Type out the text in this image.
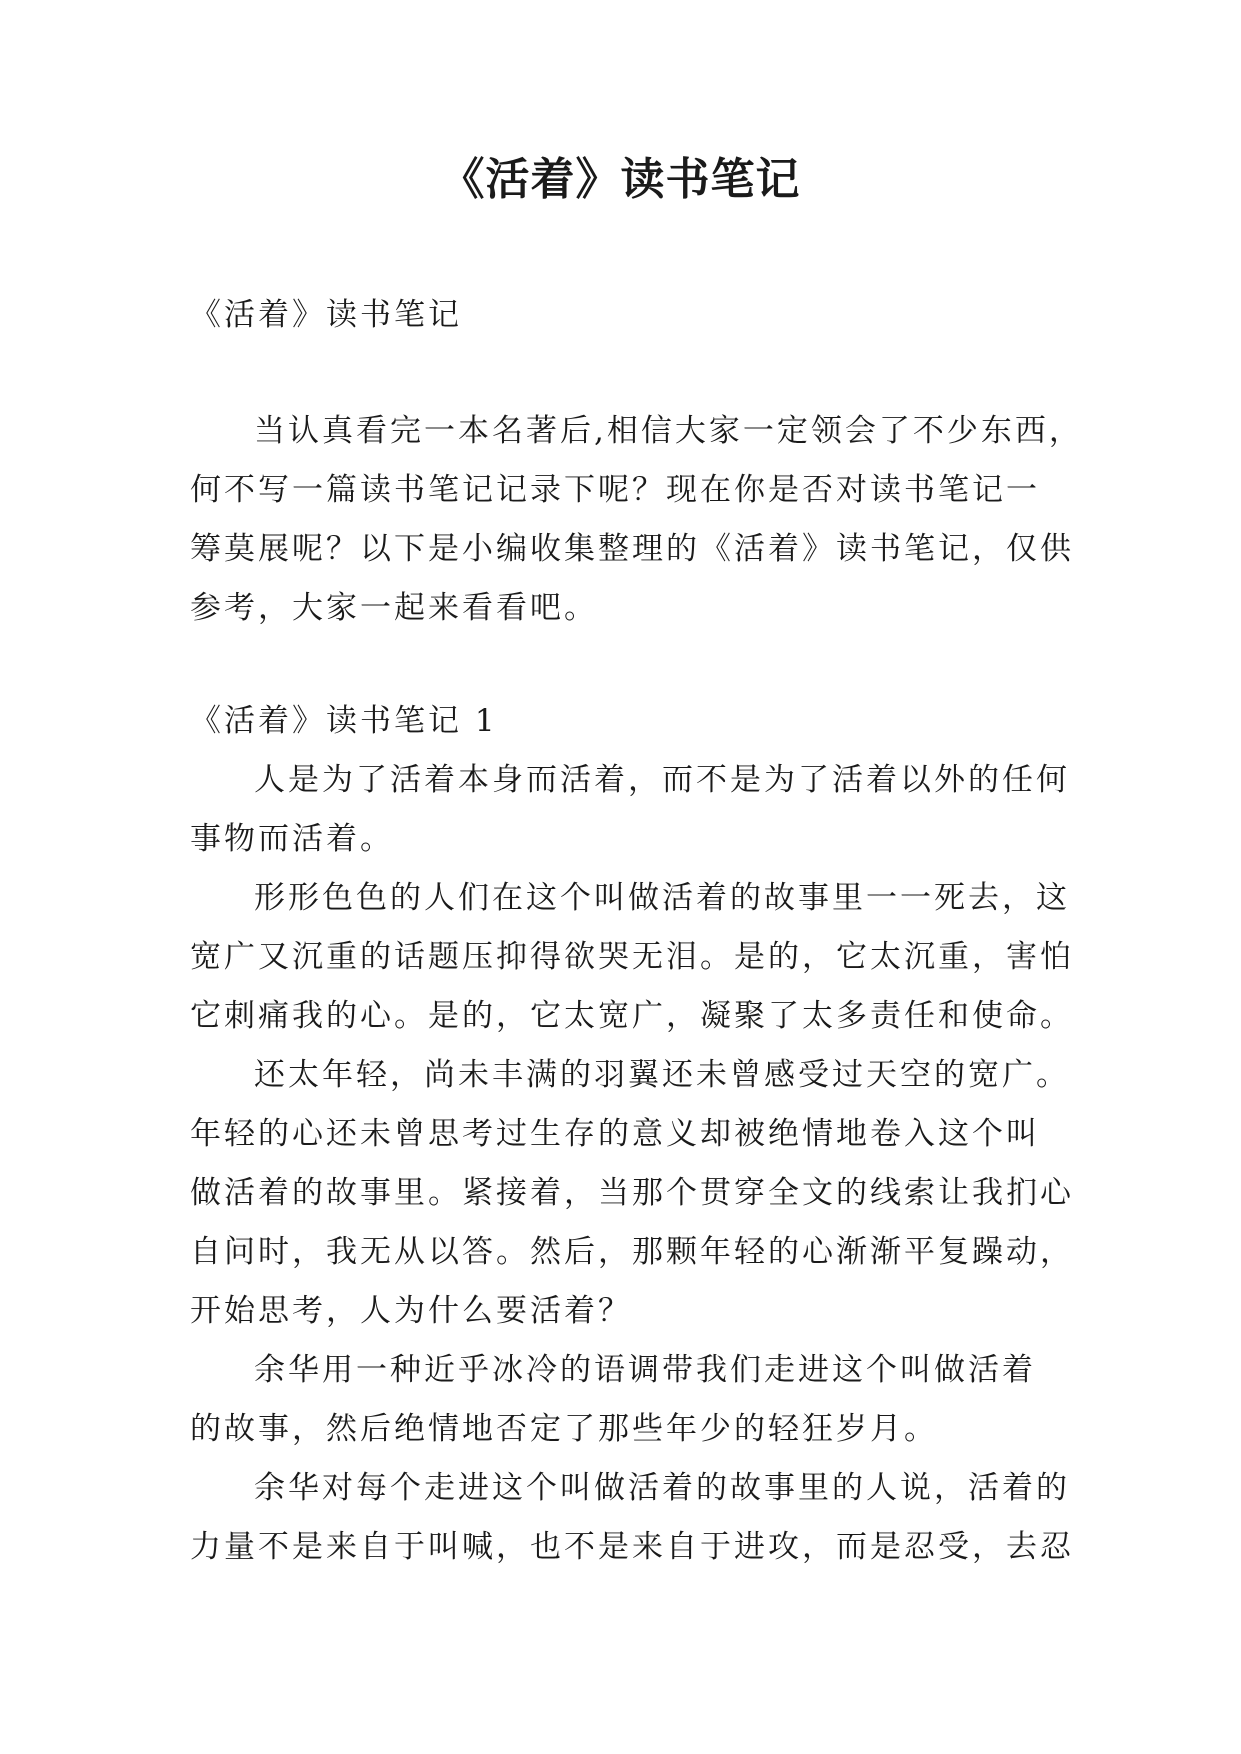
《活着》读书笔记
《活着》读书笔记
当认真看完一本名著后,相信大家一定领会了不少东西，
何不写一篇读书笔记记录下呢？现在你是否对读书笔记一
筹莫展呢？以下是小编收集整理的《活着》读书笔记，仅供
参考，大家一起来看看吧。
《活着》读书笔记 1
人是为了活着本身而活着，而不是为了活着以外的任何
事物而活着。
形形色色的人们在这个叫做活着的故事里一一死去，这
宽广又沉重的话题压抑得欲哭无泪。是的，它太沉重，害怕
它刺痛我的心。是的，它太宽广，凝聚了太多责任和使命。
还太年轻，尚未丰满的羽翼还未曾感受过天空的宽广。
年轻的心还未曾思考过生存的意义却被绝情地卷入这个叫
做活着的故事里。紧接着，当那个贯穿全文的线索让我扪心
自问时，我无从以答。然后，那颗年轻的心渐渐平复躁动，
开始思考，人为什么要活着？
余华用一种近乎冰冷的语调带我们走进这个叫做活着
的故事，然后绝情地否定了那些年少的轻狂岁月。
余华对每个走进这个叫做活着的故事里的人说，活着的
力量不是来自于叫喊，也不是来自于进攻，而是忍受，去忍
